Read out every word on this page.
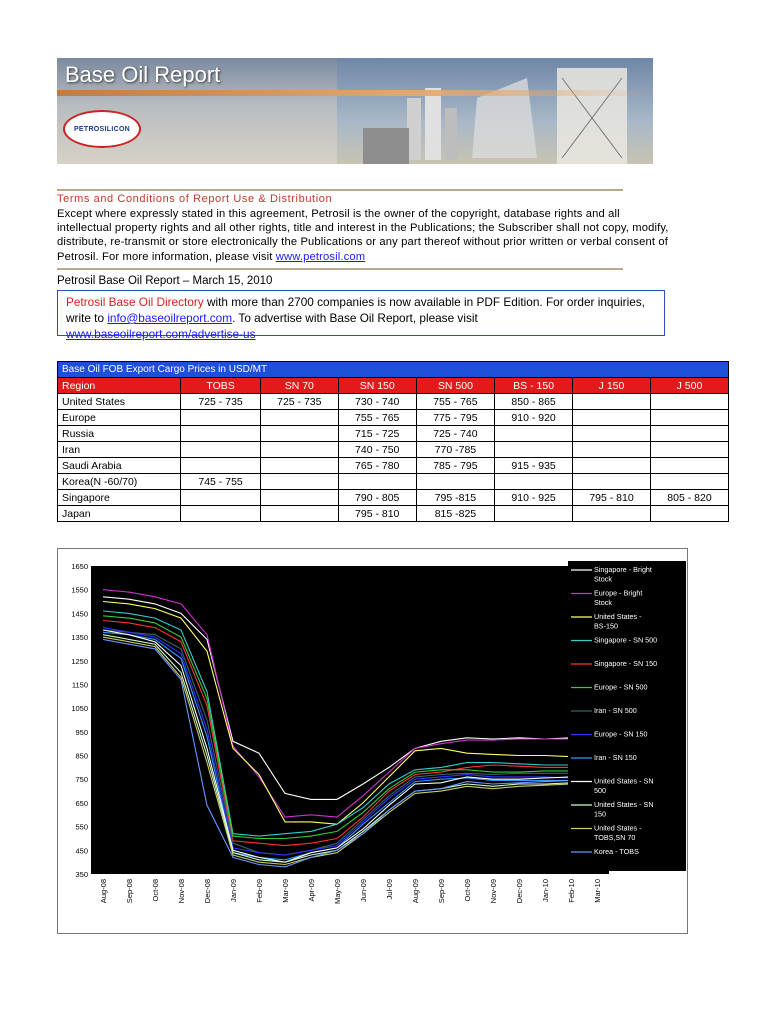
Base Oil Report
PETROSILICON
Terms and Conditions of Report Use & Distribution
Except where expressly stated in this agreement, Petrosil is the owner of the copyright, database rights and all intellectual property rights and all other rights, title and interest in the Publications; the Subscriber shall not copy, modify, distribute, re-transmit or store electronically the Publications or any part thereof without prior written or verbal consent of Petrosil. For more information, please visit www.petrosil.com
Petrosil Base Oil Report – March 15, 2010
Petrosil Base Oil Directory with more than 2700 companies is now available in PDF Edition. For order inquiries, write to info@baseoilreport.com. To advertise with Base Oil Report, please visit www.baseoilreport.com/advertise-us
Base Oil FOB Export Cargo Prices in USD/MT							
Region	TOBS	SN 70	SN 150	SN 500	BS - 150	J 150	J 500
United States	725 - 735	725 - 735	730 - 740	755 - 765	850 - 865		
Europe			755 - 765	775 - 795	910 - 920		
Russia			715 - 725	725 - 740			
Iran			740 - 750	770 -785			
Saudi Arabia			765 - 780	785 - 795	915 - 935		
Korea(N -60/70)	745 - 755						
Singapore			790 - 805	795 -815	910 - 925	795 - 810	805 - 820
Japan			795 - 810	815 -825			
1650
1550
1450
1350
1250
1150
1050
950
850
750
650
550
450
350
Aug-08 Sep-08 Oct-08 Nov-08 Dec-08 Jan-09 Feb-09 Mar-09 Apr-09 May-09 Jun-09 Jul-09 Aug-09 Sep-09 Oct-09 Nov-09 Dec-09 Jan-10 Feb-10 Mar-10
Singapore - Bright Stock
Europe - Bright Stock
United States -BS-150
Singapore - SN 500
Singapore - SN 150
Europe - SN 500
Iran - SN 500
Europe - SN 150
Iran - SN 150
United States - SN 500
United States - SN 150
United States -TOBS,SN 70
Korea - TOBS
